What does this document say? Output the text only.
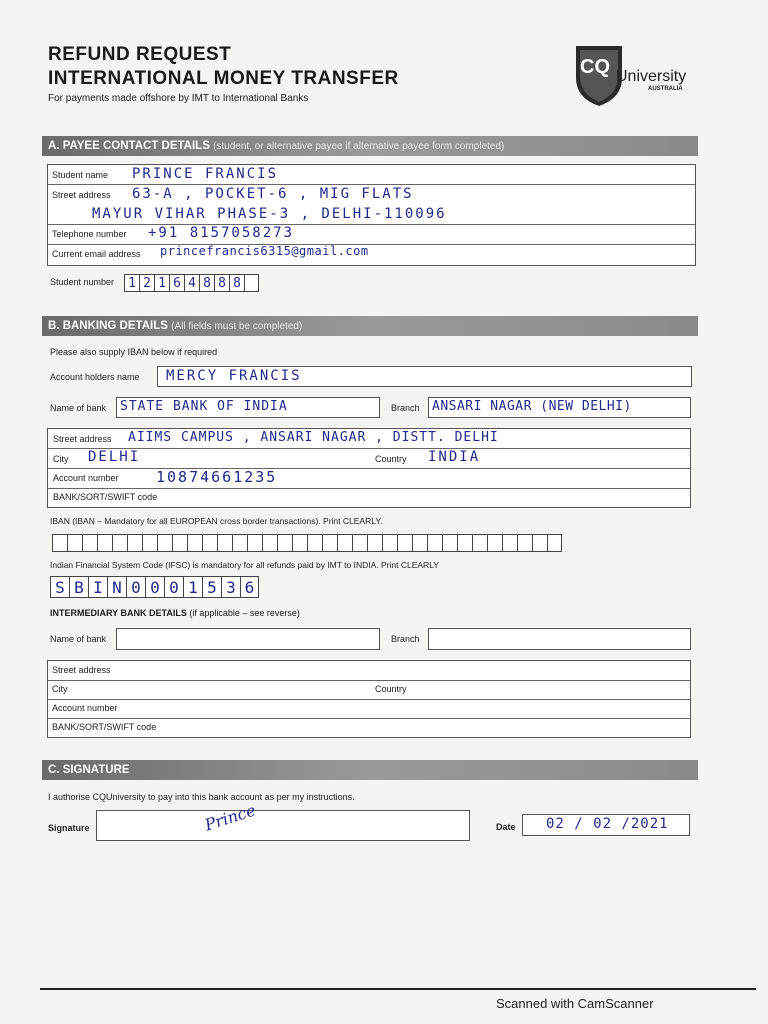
REFUND REQUEST
INTERNATIONAL MONEY TRANSFER
For payments made offshore by IMT to International Banks
CQ University
AUSTRALIA
A. PAYEE CONTACT DETAILS (student, or alternative payee if alternative payee form completed)
Student name PRINCE FRANCIS
Street address 63-A , POCKET-6 , MIG FLATS
MAYUR VIHAR PHASE-3 , DELHI-110096
Telephone number +91 8157058273
Current email address princefrancis6315@gmail.com
Student number	1 2 1 6 4 8 8 8
B. BANKING DETAILS (All fields must be completed)
Please also supply IBAN below if required
Account holders name MERCY FRANCIS
Name of bank STATE BANK OF INDIA	Branch ANSARI NAGAR (NEW DELHI)
Street address AIIMS CAMPUS , ANSARI NAGAR , DISTT. DELHI
City DELHI	Country INDIA
Account number 10874661235
BANK/SORT/SWIFT code
IBAN (IBAN – Mandatory for all EUROPEAN cross border transactions). Print CLEARLY.
Indian Financial System Code (IFSC) is mandatory for all refunds paid by IMT to INDIA. Print CLEARLY
S B I N 0 0 0 1 5 3 6
INTERMEDIARY BANK DETAILS (if applicable – see reverse)
Name of bank	Branch
Street address
City	Country
Account number
BANK/SORT/SWIFT code
C. SIGNATURE
I authorise CQUniversity to pay into this bank account as per my instructions.
Signature	Prince	Date 02 / 02 /2021
Scanned with CamScanner
